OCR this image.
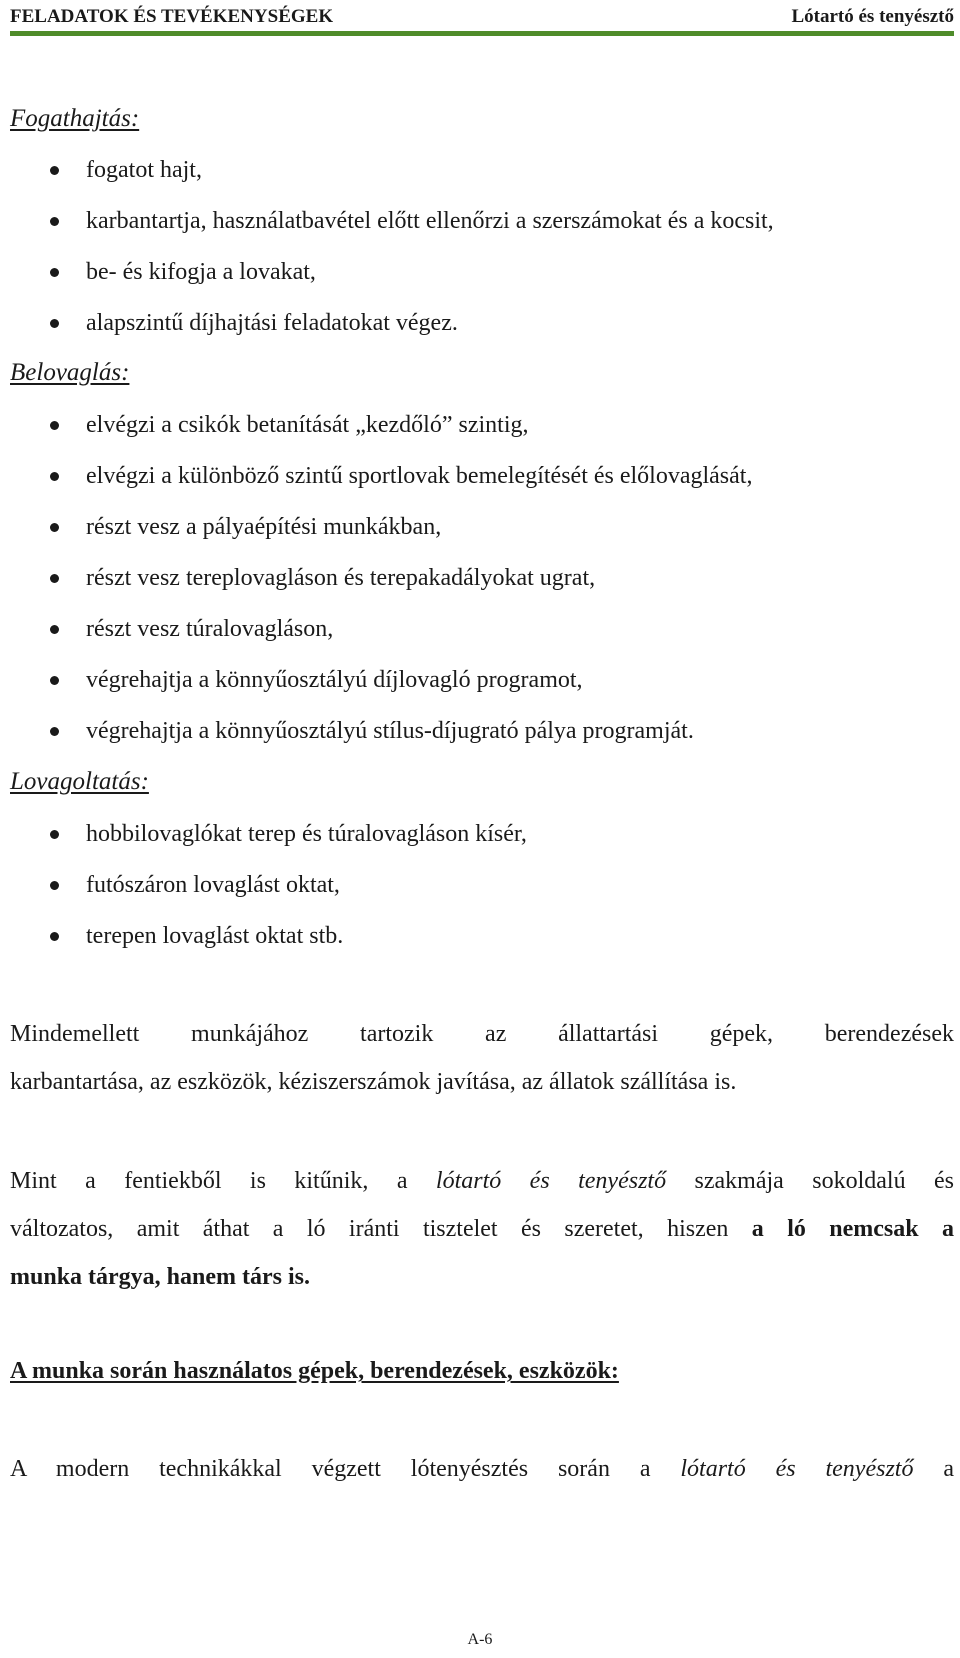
FELADATOK ÉS TEVÉKENYSÉGEK	Lótartó és tenyésztő
Fogathajtás:
fogatot hajt,
karbantartja, használatbavétel előtt ellenőrzi a szerszámokat és a kocsit,
be- és kifogja a lovakat,
alapszintű díjhajtási feladatokat végez.
Belovaglás:
elvégzi a csikók betanítását „kezdőló” szintig,
elvégzi a különböző szintű sportlovak bemelegítését és előlovaglását,
részt vesz a pályaépítési munkákban,
részt vesz tereplovagláson és terepakadályokat ugrat,
részt vesz túralovagláson,
végrehajtja a könnyűosztályú díjlovagló programot,
végrehajtja a könnyűosztályú stílus-díjugrató pálya programját.
Lovagoltatás:
hobbilovaglókat terep és túralovagláson kísér,
futószáron lovaglást oktat,
terepen lovaglást oktat stb.
Mindemellett munkájához tartozik az állattartási gépek, berendezések
karbantartása, az eszközök, kéziszerszámok javítása, az állatok szállítása is.
Mint a fentiekből is kitűnik, a lótartó és tenyésztő szakmája sokoldalú és
változatos, amit áthat a ló iránti tisztelet és szeretet, hiszen a ló nemcsak a
munka tárgya, hanem társ is.
A munka során használatos gépek, berendezések, eszközök:
A modern technikákkal végzett lótenyésztés során a lótartó és tenyésztő a
A-6
